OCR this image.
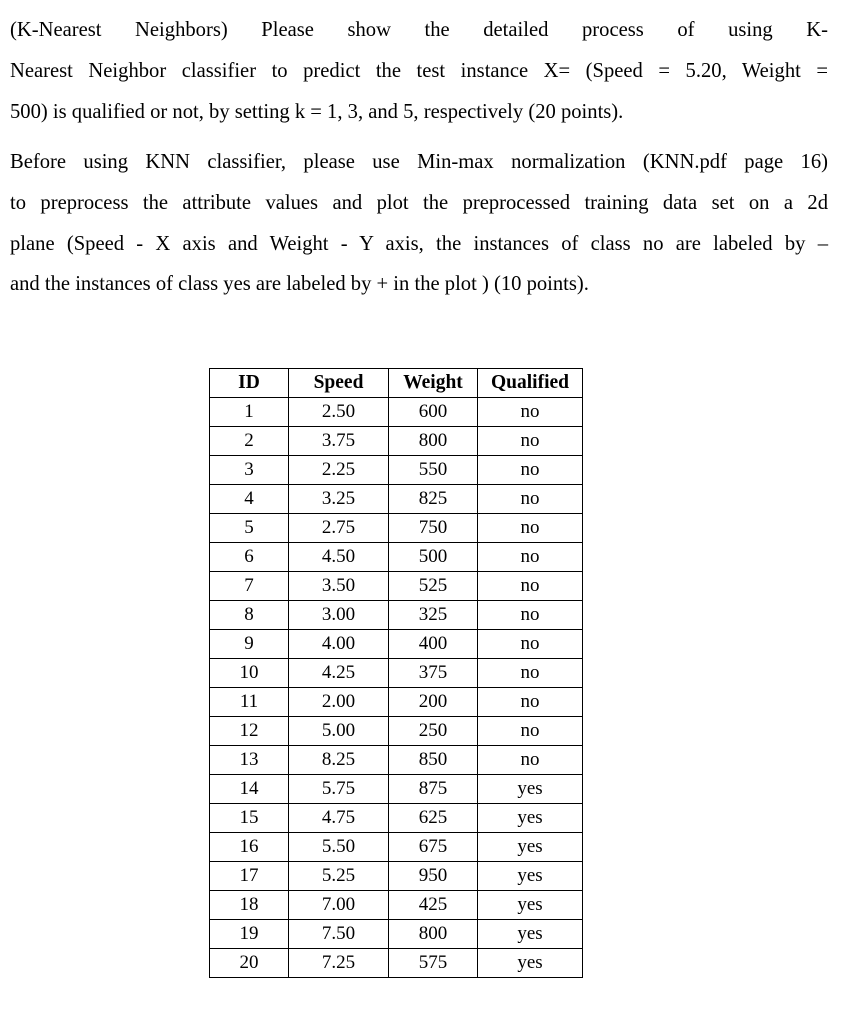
(K-Nearest Neighbors) Please show the detailed process of using K-
Nearest Neighbor classifier to predict the test instance X= (Speed = 5.20, Weight =
500) is qualified or not, by setting k = 1, 3, and 5, respectively (20 points).
Before using KNN classifier, please use Min-max normalization (KNN.pdf page 16)
to preprocess the attribute values and plot the preprocessed training data set on a 2d
plane (Speed - X axis and Weight - Y axis, the instances of class no are labeled by –
and the instances of class yes are labeled by + in the plot ) (10 points).
ID	Speed	Weight	Qualified
1	2.50	600	no
2	3.75	800	no
3	2.25	550	no
4	3.25	825	no
5	2.75	750	no
6	4.50	500	no
7	3.50	525	no
8	3.00	325	no
9	4.00	400	no
10	4.25	375	no
11	2.00	200	no
12	5.00	250	no
13	8.25	850	no
14	5.75	875	yes
15	4.75	625	yes
16	5.50	675	yes
17	5.25	950	yes
18	7.00	425	yes
19	7.50	800	yes
20	7.25	575	yes
